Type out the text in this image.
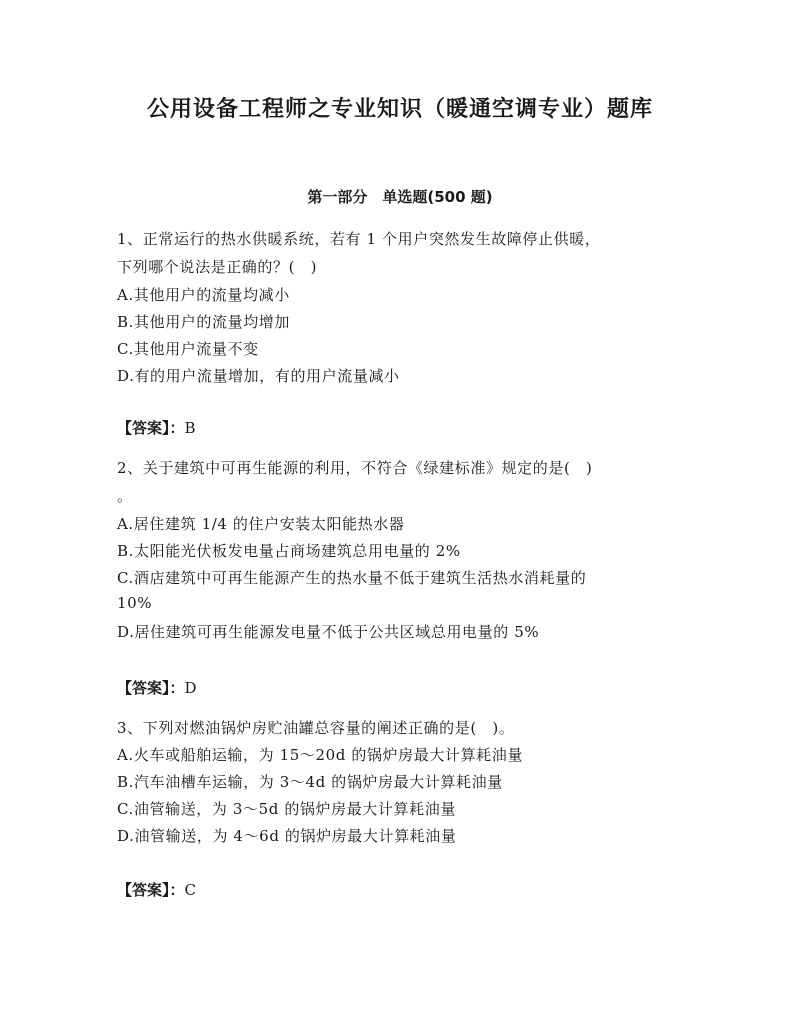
公用设备工程师之专业知识（暖通空调专业）题库
第一部分　单选题(500 题)
1、正常运行的热水供暖系统，若有 1 个用户突然发生故障停止供暖，
下列哪个说法是正确的？(　)
A.其他用户的流量均减小
B.其他用户的流量均增加
C.其他用户流量不变
D.有的用户流量增加，有的用户流量减小
【答案】：B
2、关于建筑中可再生能源的利用，不符合《绿建标准》规定的是(　)
。
A.居住建筑 1/4 的住户安装太阳能热水器
B.太阳能光伏板发电量占商场建筑总用电量的 2%
C.酒店建筑中可再生能源产生的热水量不低于建筑生活热水消耗量的
10%
D.居住建筑可再生能源发电量不低于公共区域总用电量的 5%
【答案】：D
3、下列对燃油锅炉房贮油罐总容量的阐述正确的是(　)。
A.火车或船舶运输，为 15～20d 的锅炉房最大计算耗油量
B.汽车油槽车运输，为 3～4d 的锅炉房最大计算耗油量
C.油管输送，为 3～5d 的锅炉房最大计算耗油量
D.油管输送，为 4～6d 的锅炉房最大计算耗油量
【答案】：C
